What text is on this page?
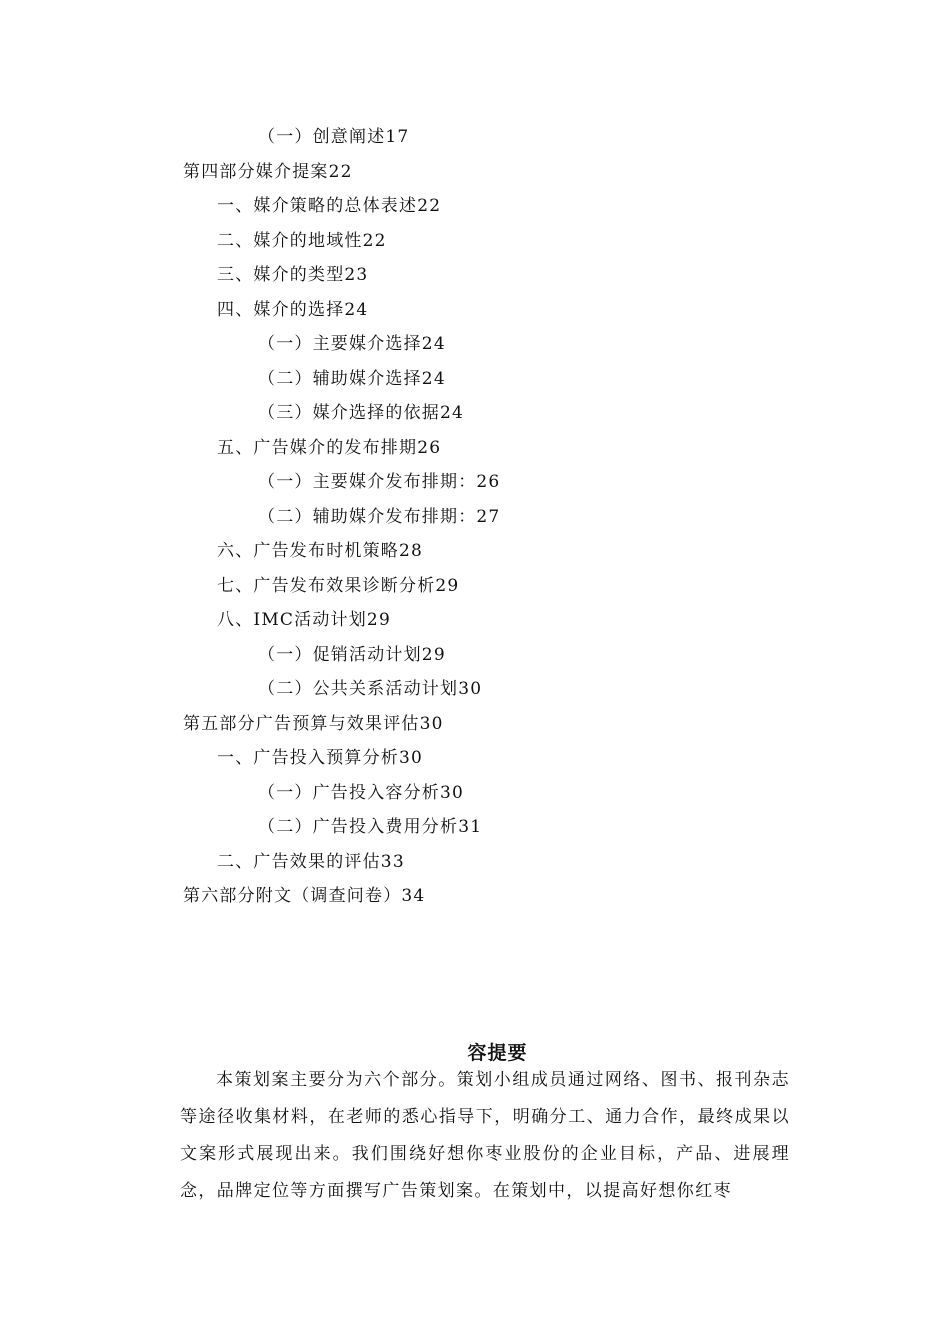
（一）创意阐述17
第四部分媒介提案22
一、媒介策略的总体表述22
二、媒介的地域性22
三、媒介的类型23
四、媒介的选择24
（一）主要媒介选择24
（二）辅助媒介选择24
（三）媒介选择的依据24
五、广告媒介的发布排期26
（一）主要媒介发布排期：26
（二）辅助媒介发布排期：27
六、广告发布时机策略28
七、广告发布效果诊断分析29
八、IMC活动计划29
（一）促销活动计划29
（二）公共关系活动计划30
第五部分广告预算与效果评估30
一、广告投入预算分析30
（一）广告投入容分析30
（二）广告投入费用分析31
二、广告效果的评估33
第六部分附文（调查问卷）34
容提要
本策划案主要分为六个部分。策划小组成员通过网络、图书、报刊杂志等途径收集材料，在老师的悉心指导下，明确分工、通力合作，最终成果以文案形式展现出来。我们围绕好想你枣业股份的企业目标，产品、进展理念，品牌定位等方面撰写广告策划案。在策划中，以提高好想你红枣
